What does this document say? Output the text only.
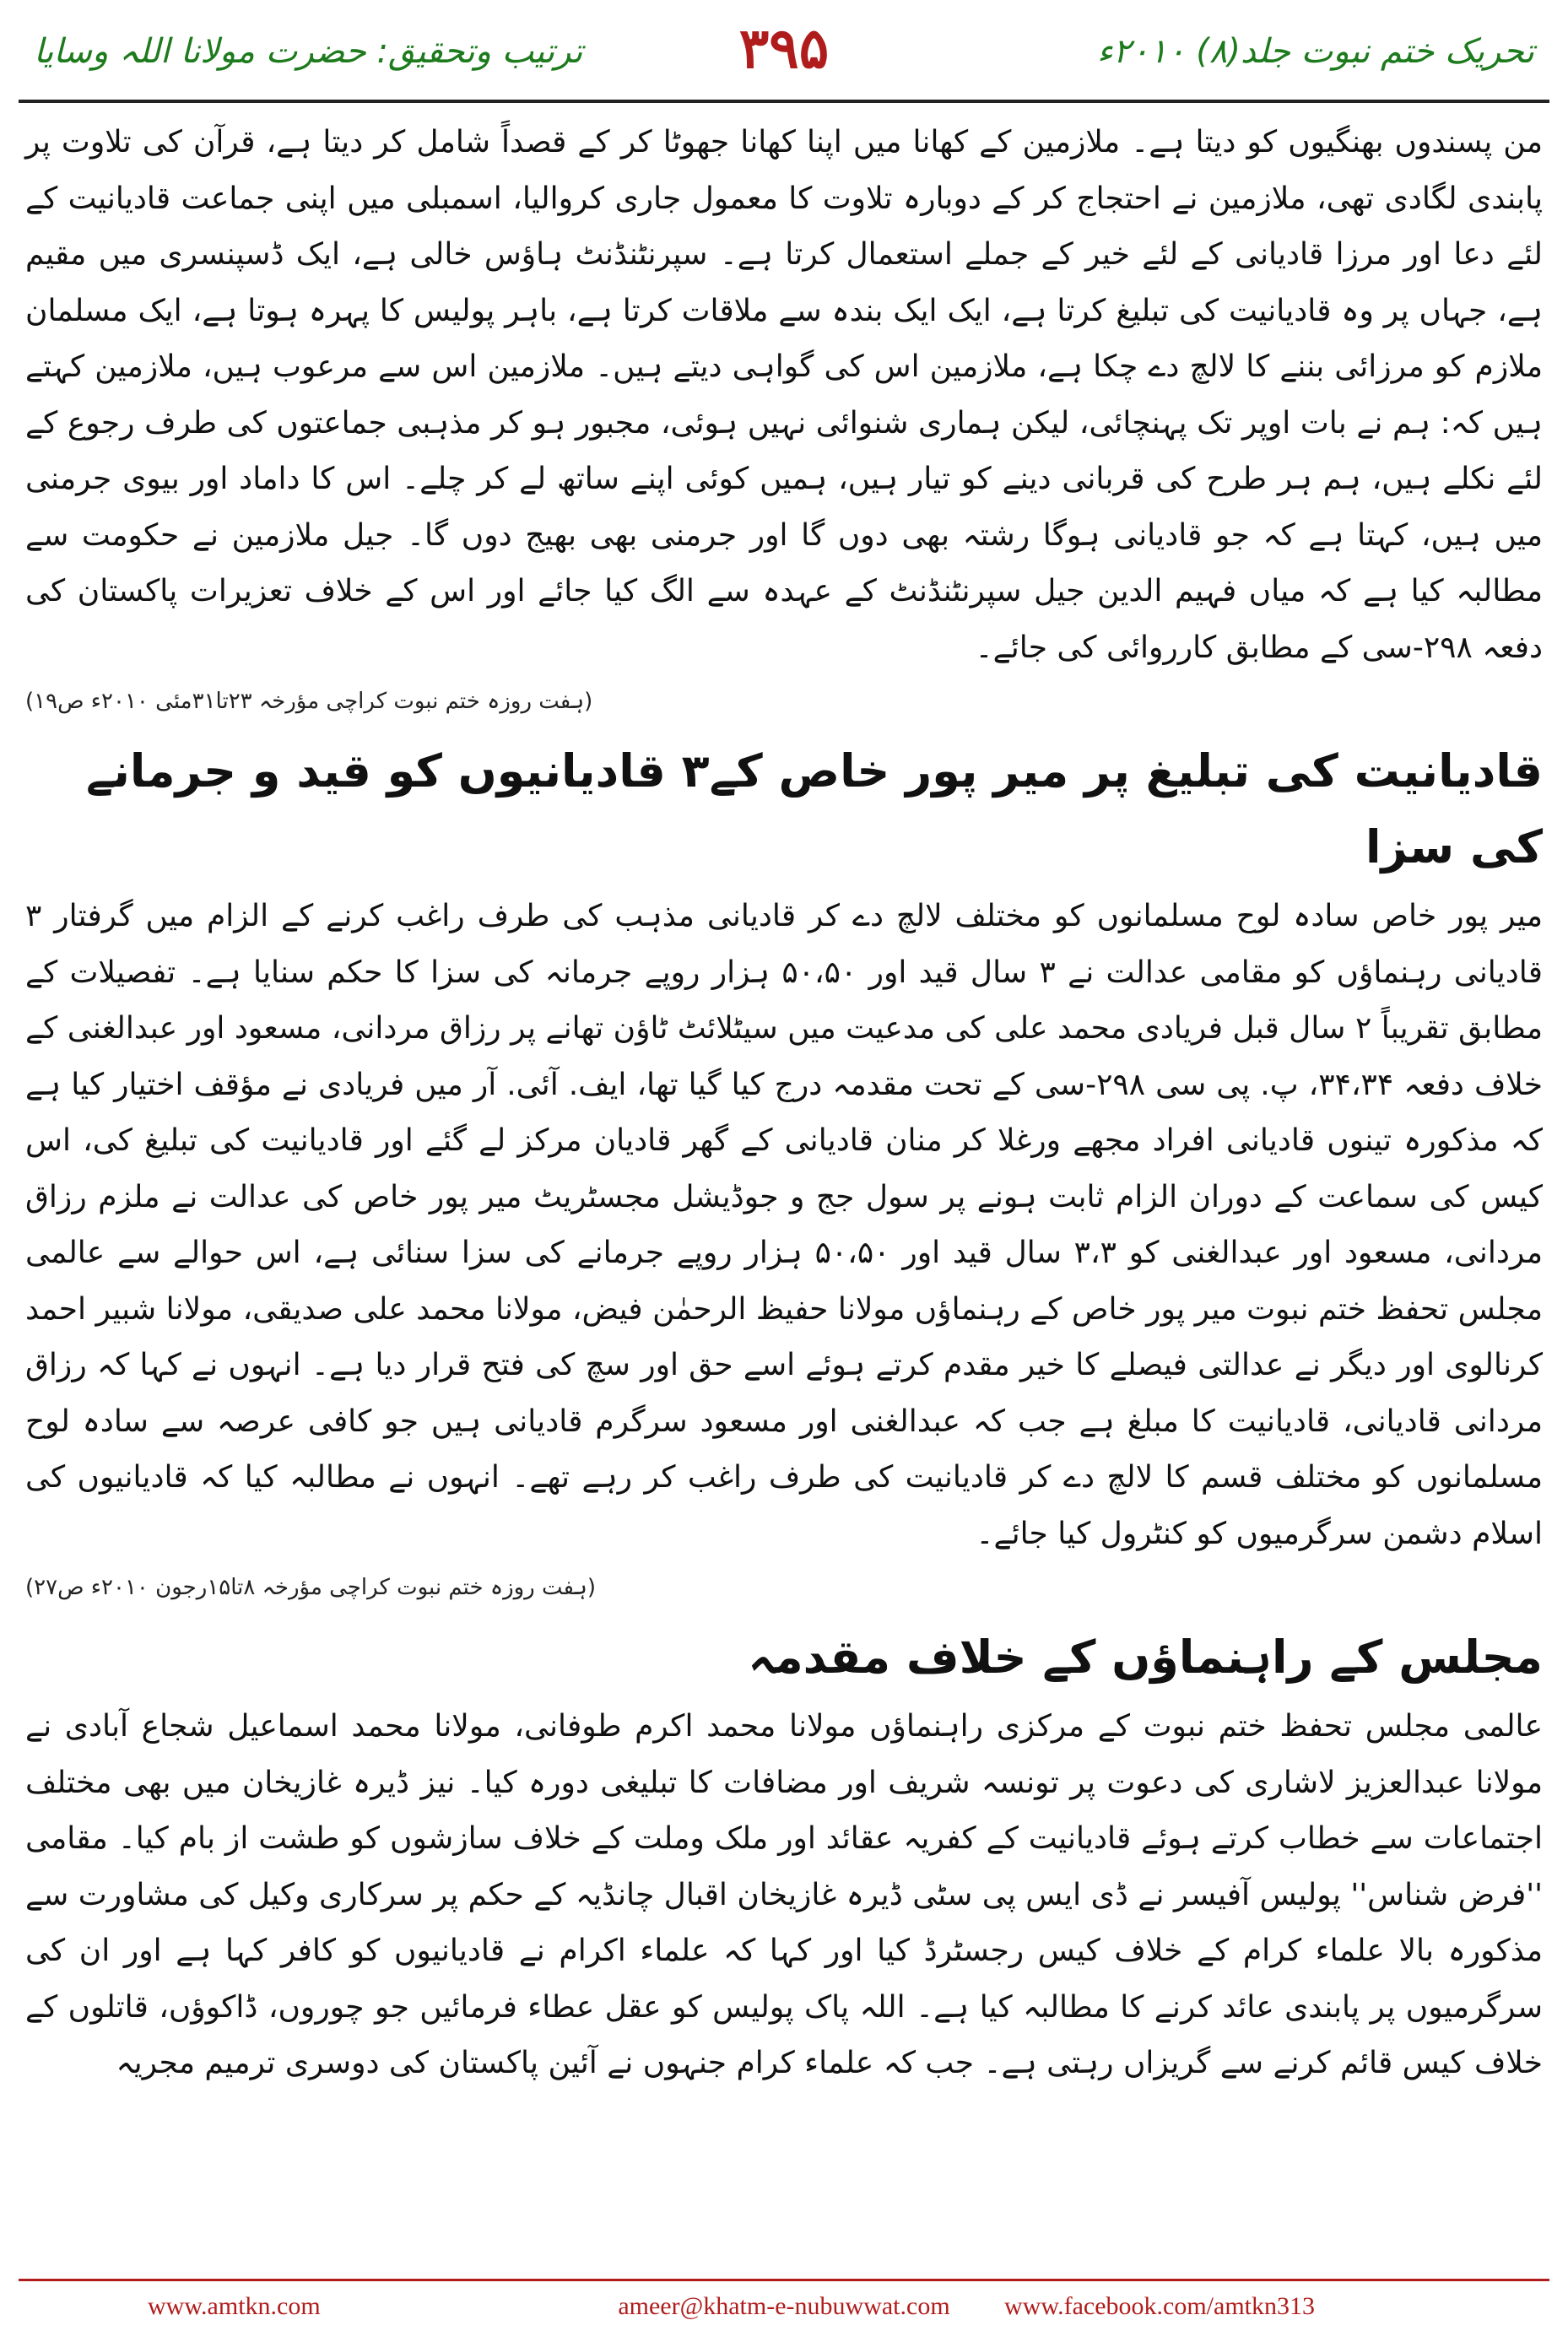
ترتیب وتحقیق: حضرت مولانا اللہ وسایا	۳۹۵	تحریک ختم نبوت جلد(۸) ۲۰۱۰ء

من پسندوں بھنگیوں کو دیتا ہے۔ ملازمین کے کھانا میں اپنا کھانا جھوٹا کر کے قصداً شامل کر دیتا ہے، قرآن کی تلاوت پر پابندی لگادی تھی، ملازمین نے احتجاج کر کے دوبارہ تلاوت کا معمول جاری کروالیا، اسمبلی میں اپنی جماعت قادیانیت کے لئے دعا اور مرزا قادیانی کے لئے خیر کے جملے استعمال کرتا ہے۔ سپرنٹنڈنٹ ہاؤس خالی ہے، ایک ڈسپنسری میں مقیم ہے، جہاں پر وہ قادیانیت کی تبلیغ کرتا ہے، ایک ایک بندہ سے ملاقات کرتا ہے، باہر پولیس کا پہرہ ہوتا ہے، ایک مسلمان ملازم کو مرزائی بننے کا لالچ دے چکا ہے، ملازمین اس کی گواہی دیتے ہیں۔ ملازمین اس سے مرعوب ہیں، ملازمین کہتے ہیں کہ: ہم نے بات اوپر تک پہنچائی، لیکن ہماری شنوائی نہیں ہوئی، مجبور ہو کر مذہبی جماعتوں کی طرف رجوع کے لئے نکلے ہیں، ہم ہر طرح کی قربانی دینے کو تیار ہیں، ہمیں کوئی اپنے ساتھ لے کر چلے۔ اس کا داماد اور بیوی جرمنی میں ہیں، کہتا ہے کہ جو قادیانی ہوگا رشتہ بھی دوں گا اور جرمنی بھی بھیج دوں گا۔ جیل ملازمین نے حکومت سے مطالبہ کیا ہے کہ میاں فہیم الدین جیل سپرنٹنڈنٹ کے عہدہ سے الگ کیا جائے اور اس کے خلاف تعزیرات پاکستان کی دفعہ ۲۹۸-سی کے مطابق کارروائی کی جائے۔

(ہفت روزہ ختم نبوت کراچی مؤرخہ ۲۳تا۳۱مئی ۲۰۱۰ء ص۱۹)
قادیانیت کی تبلیغ پر میر پور خاص کے۳ قادیانیوں کو قید و جرمانے کی سزا

میر پور خاص سادہ لوح مسلمانوں کو مختلف لالچ دے کر قادیانی مذہب کی طرف راغب کرنے کے الزام میں گرفتار ۳ قادیانی رہنماؤں کو مقامی عدالت نے ۳ سال قید اور ۵۰،۵۰ ہزار روپے جرمانہ کی سزا کا حکم سنایا ہے۔ تفصیلات کے مطابق تقریباً ۲ سال قبل فریادی محمد علی کی مدعیت میں سیٹلائٹ ٹاؤن تھانے پر رزاق مردانی، مسعود اور عبدالغنی کے خلاف دفعہ ۳۴،۳۴، پ. پی سی ۲۹۸-سی کے تحت مقدمہ درج کیا گیا تھا، ایف. آئی. آر میں فریادی نے مؤقف اختیار کیا ہے کہ مذکورہ تینوں قادیانی افراد مجھے ورغلا کر منان قادیانی کے گھر قادیان مرکز لے گئے اور قادیانیت کی تبلیغ کی، اس کیس کی سماعت کے دوران الزام ثابت ہونے پر سول جج و جوڈیشل مجسٹریٹ میر پور خاص کی عدالت نے ملزم رزاق مردانی، مسعود اور عبدالغنی کو ۳،۳ سال قید اور ۵۰،۵۰ ہزار روپے جرمانے کی سزا سنائی ہے، اس حوالے سے عالمی مجلس تحفظ ختم نبوت میر پور خاص کے رہنماؤں مولانا حفیظ الرحمٰن فیض، مولانا محمد علی صدیقی، مولانا شبیر احمد کرنالوی اور دیگر نے عدالتی فیصلے کا خیر مقدم کرتے ہوئے اسے حق اور سچ کی فتح قرار دیا ہے۔ انہوں نے کہا کہ رزاق مردانی قادیانی، قادیانیت کا مبلغ ہے جب کہ عبدالغنی اور مسعود سرگرم قادیانی ہیں جو کافی عرصہ سے سادہ لوح مسلمانوں کو مختلف قسم کا لالچ دے کر قادیانیت کی طرف راغب کر رہے تھے۔ انہوں نے مطالبہ کیا کہ قادیانیوں کی اسلام دشمن سرگرمیوں کو کنٹرول کیا جائے۔

(ہفت روزہ ختم نبوت کراچی مؤرخہ ۸تا۱۵رجون ۲۰۱۰ء ص۲۷)
مجلس کے راہنماؤں کے خلاف مقدمہ

عالمی مجلس تحفظ ختم نبوت کے مرکزی راہنماؤں مولانا محمد اکرم طوفانی، مولانا محمد اسماعیل شجاع آبادی نے مولانا عبدالعزیز لاشاری کی دعوت پر تونسہ شریف اور مضافات کا تبلیغی دورہ کیا۔ نیز ڈیرہ غازیخان میں بھی مختلف اجتماعات سے خطاب کرتے ہوئے قادیانیت کے کفریہ عقائد اور ملک وملت کے خلاف سازشوں کو طشت از بام کیا۔ مقامی ''فرض شناس'' پولیس آفیسر نے ڈی ایس پی سٹی ڈیرہ غازیخان اقبال چانڈیہ کے حکم پر سرکاری وکیل کی مشاورت سے مذکورہ بالا علماء کرام کے خلاف کیس رجسٹرڈ کیا اور کہا کہ علماء اکرام نے قادیانیوں کو کافر کہا ہے اور ان کی سرگرمیوں پر پابندی عائد کرنے کا مطالبہ کیا ہے۔ اللہ پاک پولیس کو عقل عطاء فرمائیں جو چوروں، ڈاکوؤں، قاتلوں کے خلاف کیس قائم کرنے سے گریزاں رہتی ہے۔ جب کہ علماء کرام جنہوں نے آئین پاکستان کی دوسری ترمیم مجریہ

www.amtkn.com	ameer@khatm-e-nubuwwat.com	www.facebook.com/amtkn313
